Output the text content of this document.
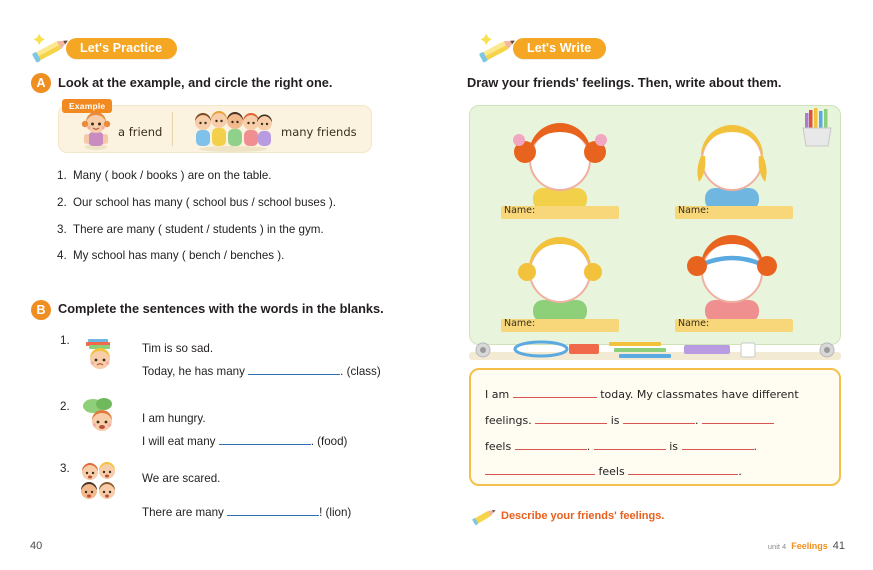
Let's Practice
A Look at the example, and circle the right one.
Example
a friend	many friends
1. Many ( book / books ) are on the table.
2. Our school has many ( school bus / school buses ).
3. There are many ( student / students ) in the gym.
4. My school has many ( bench / benches ).
B Complete the sentences with the words in the blanks.
1.
Tim is so sad.
Today, he has many	. (class)
2.
I am hungry.
I will eat many	. (food)
3.
We are scared.
There are many	! (lion)
40
Let's Write
Draw your friends' feelings. Then, write about them.
Name:	Name:
Name:	Name:
I am	today. My classmates have different
feelings.	is	.
feels	.	is	.
feels	.
Describe your friends' feelings.
unit 4 Feelings 41
